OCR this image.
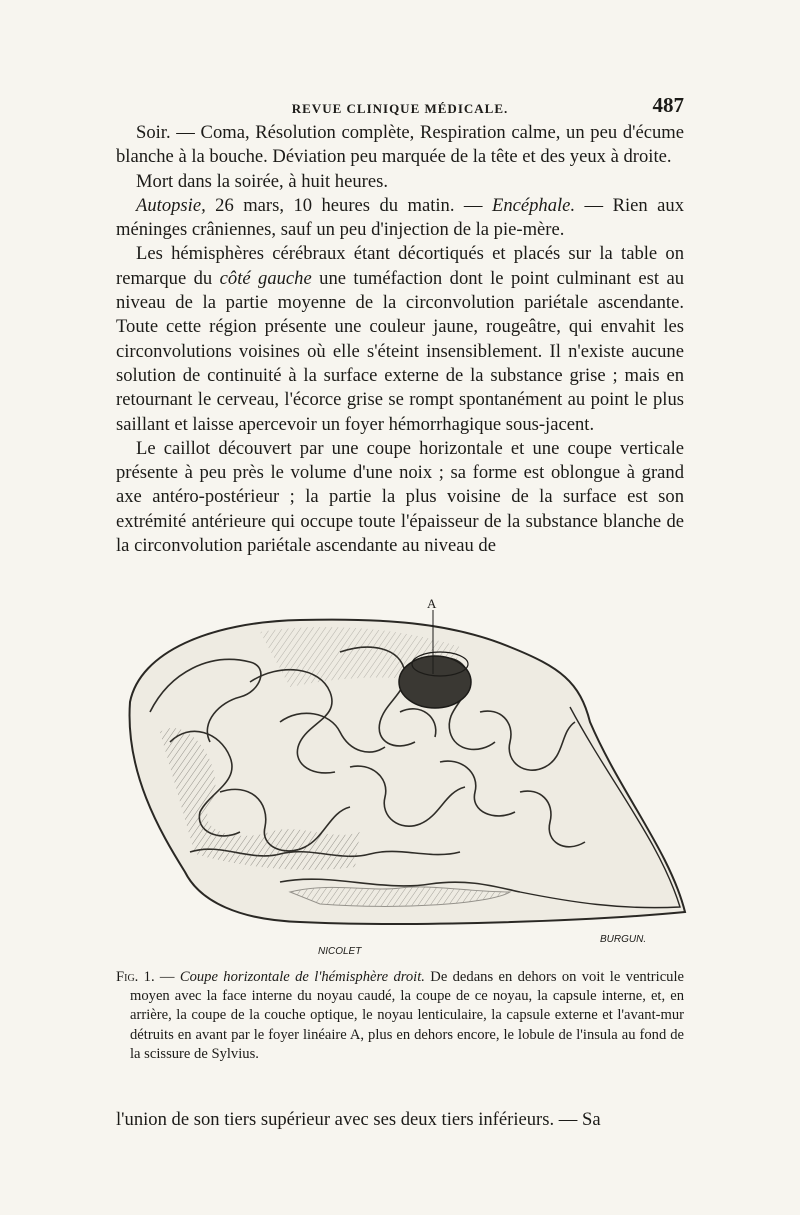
REVUE CLINIQUE MÉDICALE.	487

Soir. — Coma, Résolution complète, Respiration calme, un peu d'écume blanche à la bouche. Déviation peu marquée de la tête et des yeux à droite.

Mort dans la soirée, à huit heures.

Autopsie, 26 mars, 10 heures du matin. — Encéphale. — Rien aux méninges crâniennes, sauf un peu d'injection de la pie-mère.

Les hémisphères cérébraux étant décortiqués et placés sur la table on remarque du côté gauche une tuméfaction dont le point culminant est au niveau de la partie moyenne de la circonvolution pariétale ascendante. Toute cette région présente une couleur jaune, rougeâtre, qui envahit les circonvolutions voisines où elle s'éteint insensiblement. Il n'existe aucune solution de continuité à la surface externe de la substance grise ; mais en retournant le cerveau, l'écorce grise se rompt spontanément au point le plus saillant et laisse apercevoir un foyer hémorrhagique sous-jacent.

Le caillot découvert par une coupe horizontale et une coupe verticale présente à peu près le volume d'une noix ; sa forme est oblongue à grand axe antéro-postérieur ; la partie la plus voisine de la surface est son extrémité antérieure qui occupe toute l'épaisseur de la substance blanche de la circonvolution pariétale ascendante au niveau de

A
NICOLET
BURGUN.
Fig. 1. — Coupe horizontale de l'hémisphère droit. De dedans en dehors on voit le ventricule moyen avec la face interne du noyau caudé, la coupe de ce noyau, la capsule interne, et, en arrière, la coupe de la couche optique, le noyau lenticulaire, la capsule externe et l'avant-mur détruits en avant par le foyer linéaire A, plus en dehors encore, le lobule de l'insula au fond de la scissure de Sylvius.
l'union de son tiers supérieur avec ses deux tiers inférieurs. — Sa
